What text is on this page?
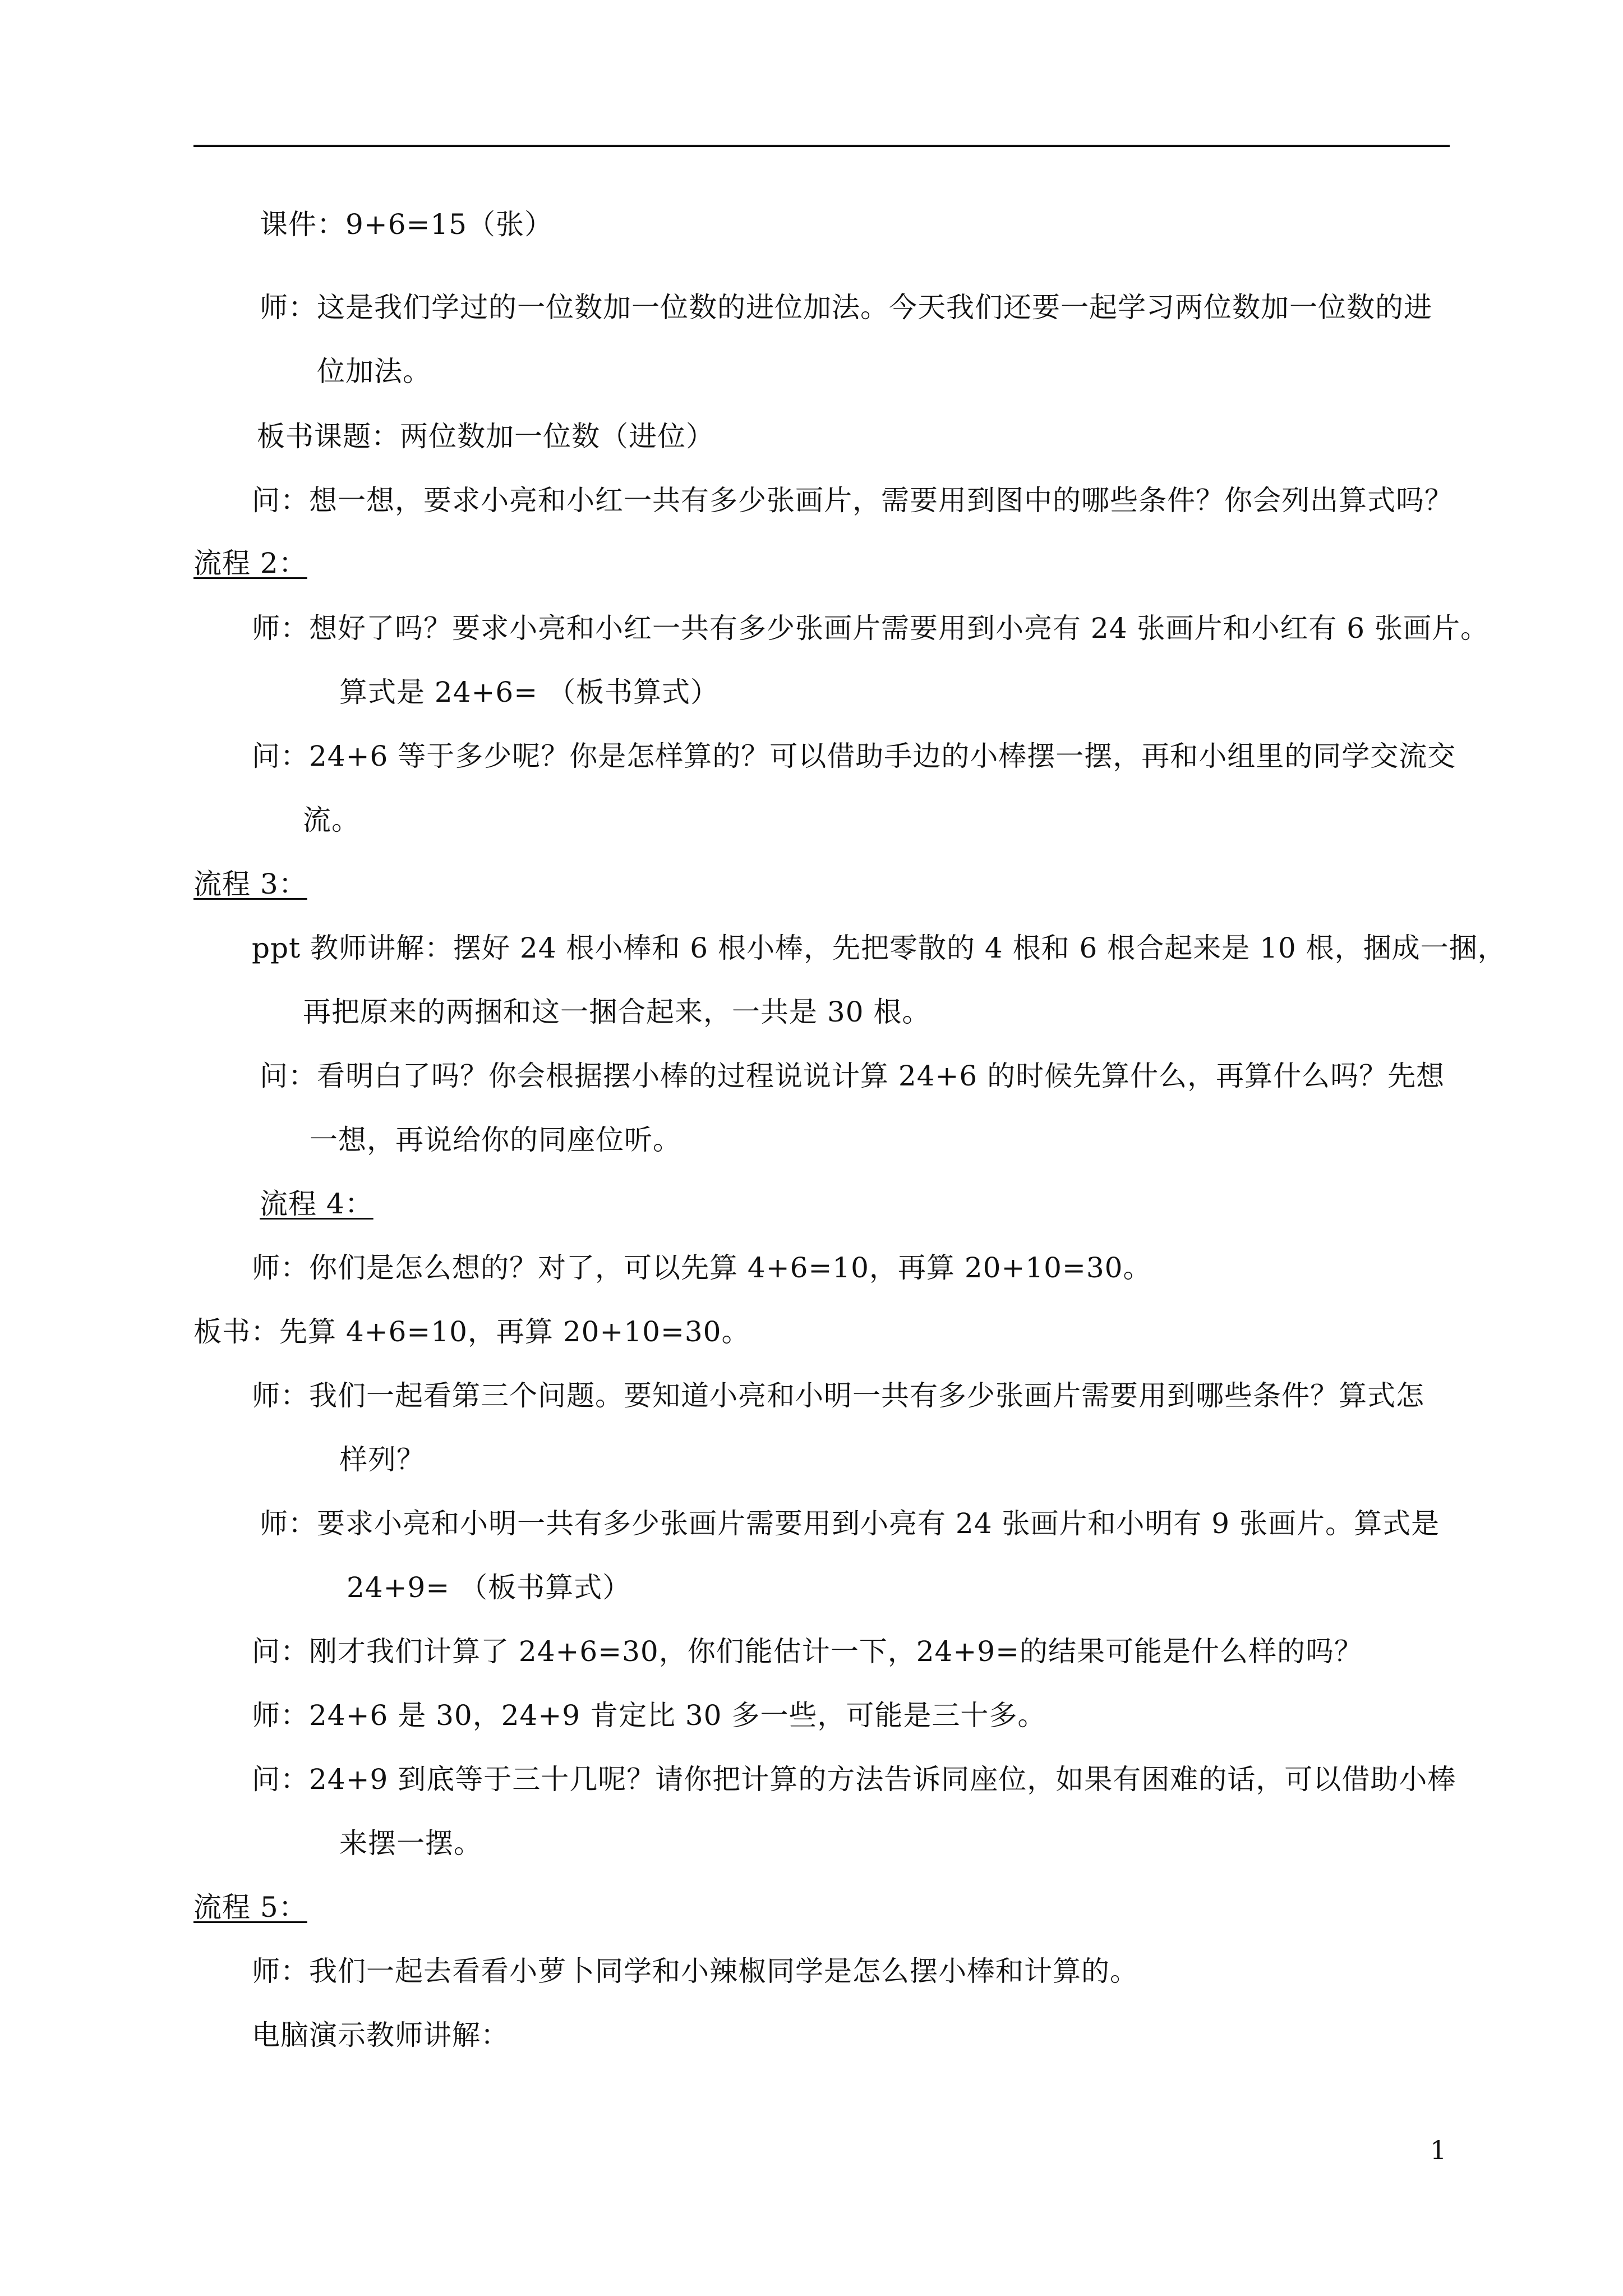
课件：9+6=15（张）
师：这是我们学过的一位数加一位数的进位加法。今天我们还要一起学习两位数加一位数的进
位加法。
板书课题：两位数加一位数（进位）
问：想一想，要求小亮和小红一共有多少张画片，需要用到图中的哪些条件？你会列出算式吗？
流程 2：
师：想好了吗？要求小亮和小红一共有多少张画片需要用到小亮有 24 张画片和小红有 6 张画片。
算式是 24+6= （板书算式）
问：24+6 等于多少呢？你是怎样算的？可以借助手边的小棒摆一摆，再和小组里的同学交流交
流。
流程 3：
ppt 教师讲解：摆好 24 根小棒和 6 根小棒，先把零散的 4 根和 6 根合起来是 10 根，捆成一捆，
再把原来的两捆和这一捆合起来，一共是 30 根。
问：看明白了吗？你会根据摆小棒的过程说说计算 24+6 的时候先算什么，再算什么吗？先想
一想，再说给你的同座位听。
流程 4：
师：你们是怎么想的？对了，可以先算 4+6=10，再算 20+10=30。
板书：先算 4+6=10，再算 20+10=30。
师：我们一起看第三个问题。要知道小亮和小明一共有多少张画片需要用到哪些条件？算式怎
样列？
师：要求小亮和小明一共有多少张画片需要用到小亮有 24 张画片和小明有 9 张画片。算式是
24+9= （板书算式）
问：刚才我们计算了 24+6=30，你们能估计一下，24+9=的结果可能是什么样的吗？
师：24+6 是 30，24+9 肯定比 30 多一些，可能是三十多。
问：24+9 到底等于三十几呢？请你把计算的方法告诉同座位，如果有困难的话，可以借助小棒
来摆一摆。
流程 5：
师：我们一起去看看小萝卜同学和小辣椒同学是怎么摆小棒和计算的。
电脑演示教师讲解：
1
